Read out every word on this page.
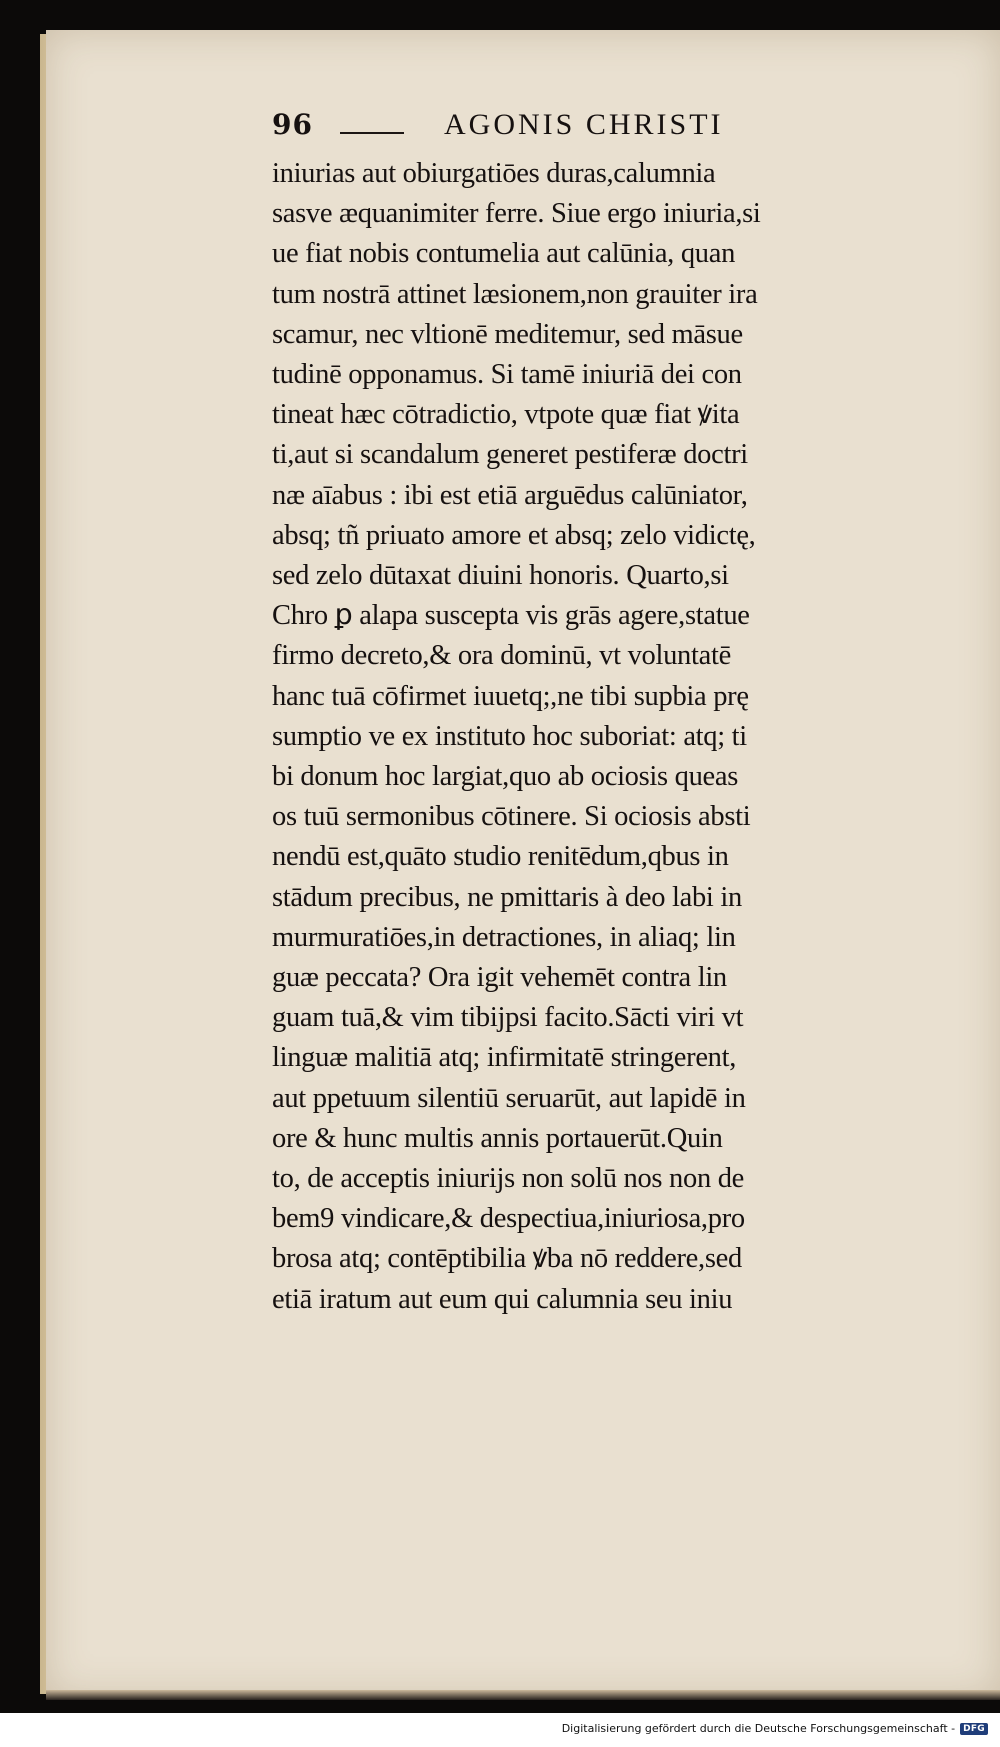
96	AGONIS CHRISTI
iniurias aut obiurgatiōes duras,calumnia
sasve æquanimiter ferre. Siue ergo iniuria,si
ue fiat nobis contumelia aut calūnia, quan
tum nostrā attinet læsionem,non grauiter ira
scamur, nec vltionē meditemur, sed māsue
tudinē opponamus. Si tamē iniuriā dei con
tineat hæc cōtradictio, vtpote quæ fiat ꝟita
ti,aut si scandalum generet pestiferæ doctri
næ aīabus : ibi est etiā arguēdus calūniator,
absq; tñ priuato amore et absq; zelo vidictę,
sed zelo dūtaxat diuini honoris. Quarto,si
Chro ꝑ alapa suscepta vis grās agere,statue
firmo decreto,& ora dominū, vt voluntatē
hanc tuā cōfirmet iuuetq;,ne tibi supbia prę
sumptio ve ex instituto hoc suboriat: atq; ti
bi donum hoc largiat,quo ab ociosis queas
os tuū sermonibus cōtinere. Si ociosis absti
nendū est,quāto studio renitēdum,qbus in
stādum precibus, ne pmittaris à deo labi in
murmuratiōes,in detractiones, in aliaq; lin
guæ peccata? Ora igit vehemēt contra lin
guam tuā,& vim tibijpsi facito.Sācti viri vt
linguæ malitiā atq; infirmitatē stringerent,
aut ppetuum silentiū seruarūt, aut lapidē in
ore & hunc multis annis portauerūt.Quin
to, de acceptis iniurijs non solū nos non de
bem9 vindicare,& despectiua,iniuriosa,pro
brosa atq; contēptibilia ꝟba nō reddere,sed
etiā iratum aut eum qui calumnia seu iniu
Digitalisierung gefördert durch die Deutsche Forschungsgemeinschaft - DFG
